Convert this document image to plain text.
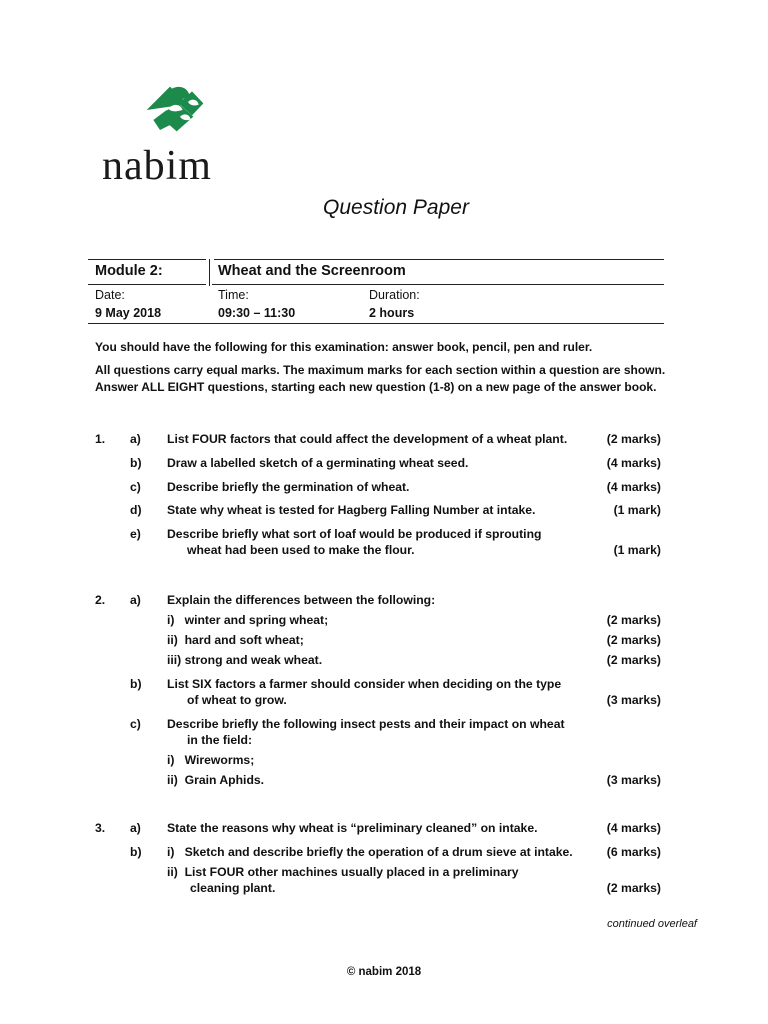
nabim
Question Paper
Module 2:	Wheat and the Screenroom
Date:	Time:	Duration:
9 May 2018	09:30 – 11:30	2 hours
You should have the following for this examination: answer book, pencil, pen and ruler.
All questions carry equal marks. The maximum marks for each section within a question are shown.
Answer ALL EIGHT questions, starting each new question (1-8) on a new page of the answer book.
1. a) List FOUR factors that could affect the development of a wheat plant.	(2 marks)
b) Draw a labelled sketch of a germinating wheat seed.	(4 marks)
c) Describe briefly the germination of wheat.	(4 marks)
d) State why wheat is tested for Hagberg Falling Number at intake.	(1 mark)
e) Describe briefly what sort of loaf would be produced if sprouting
wheat had been used to make the flour.	(1 mark)
2. a) Explain the differences between the following:
i)   winter and spring wheat;	(2 marks)
ii)  hard and soft wheat;	(2 marks)
iii) strong and weak wheat.	(2 marks)
b) List SIX factors a farmer should consider when deciding on the type
of wheat to grow.	(3 marks)
c) Describe briefly the following insect pests and their impact on wheat
in the field:
i)   Wireworms;
ii)  Grain Aphids.	(3 marks)
3. a) State the reasons why wheat is “preliminary cleaned” on intake.	(4 marks)
b) i)   Sketch and describe briefly the operation of a drum sieve at intake.	(6 marks)
ii)  List FOUR other machines usually placed in a preliminary
cleaning plant.	(2 marks)
continued overleaf
© nabim 2018
